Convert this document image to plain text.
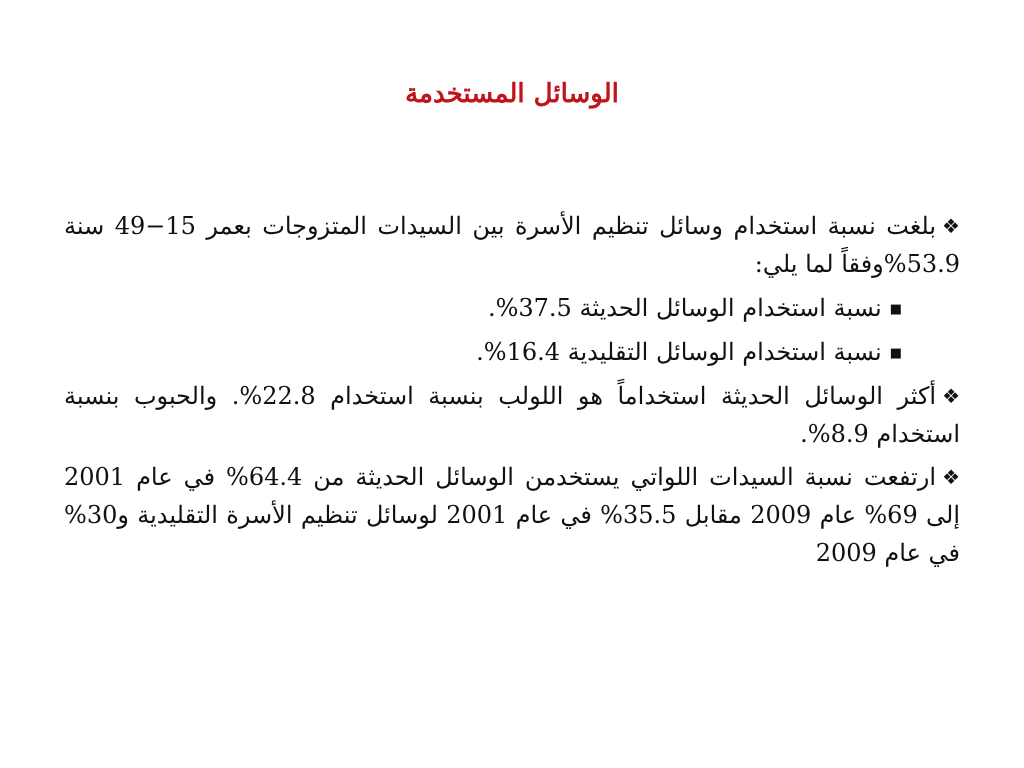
الوسائل المستخدمة

❖بلغت نسبة استخدام وسائل تنظيم الأسرة بين السيدات المتزوجات بعمر 15−49 سنة 53.9%وفقاً لما يلي:

■نسبة استخدام الوسائل الحديثة 37.5%.

■نسبة استخدام الوسائل التقليدية 16.4%.

❖أكثر الوسائل الحديثة استخداماً هو اللولب بنسبة استخدام 22.8%. والحبوب بنسبة استخدام 8.9%.

❖ارتفعت نسبة السيدات اللواتي يستخدمن الوسائل الحديثة من 64.4% في عام 2001 إلى 69% عام 2009 مقابل 35.5% في عام 2001 لوسائل تنظيم الأسرة التقليدية و30% في عام 2009
